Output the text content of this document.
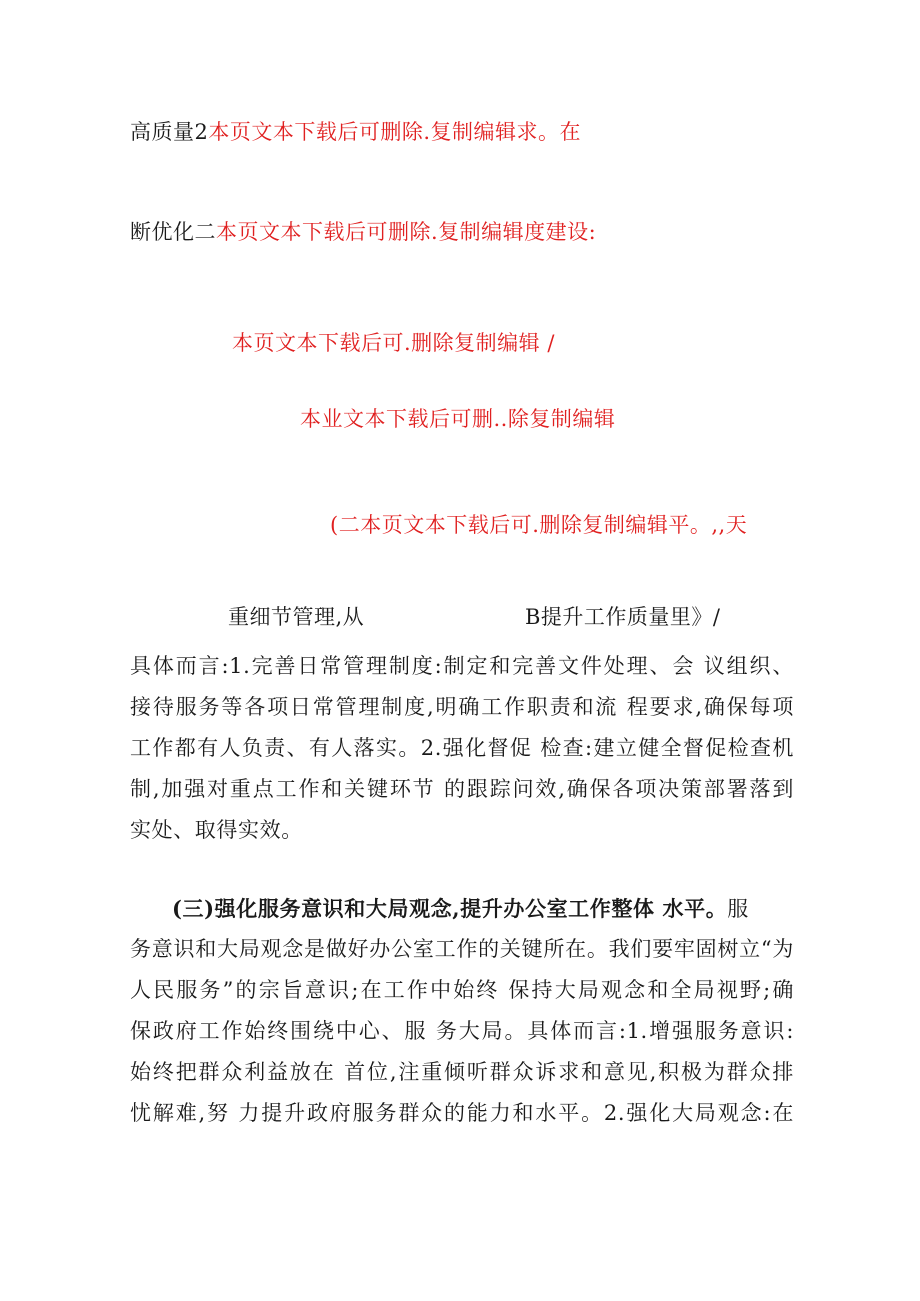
高质量2本页文本下载后可删除.复制编辑求。在
断优化二本页文本下载后可删除.复制编辑度建设:
本页文本下载后可.删除复制编辑 /
本业文本下载后可删..除复制编辑
(二本页文本下载后可.删除复制编辑平。,,天
重细节管理,从	B提升工作质量里》/
具体而言:1.完善日常管理制度:制定和完善文件处理、会 议组织、
接待服务等各项日常管理制度,明确工作职责和流 程要求,确保每项
工作都有人负责、有人落实。2.强化督促 检查:建立健全督促检查机
制,加强对重点工作和关键环节 的跟踪问效,确保各项决策部署落到
实处、取得实效。
(三)强化服务意识和大局观念,提升办公室工作整体 水平。服
务意识和大局观念是做好办公室工作的关键所在。我们要牢固树立“为
人民服务”的宗旨意识;在工作中始终 保持大局观念和全局视野;确
保政府工作始终围绕中心、服 务大局。具体而言:1.增强服务意识:
始终把群众利益放在 首位,注重倾听群众诉求和意见,积极为群众排
忧解难,努 力提升政府服务群众的能力和水平。2.强化大局观念:在
